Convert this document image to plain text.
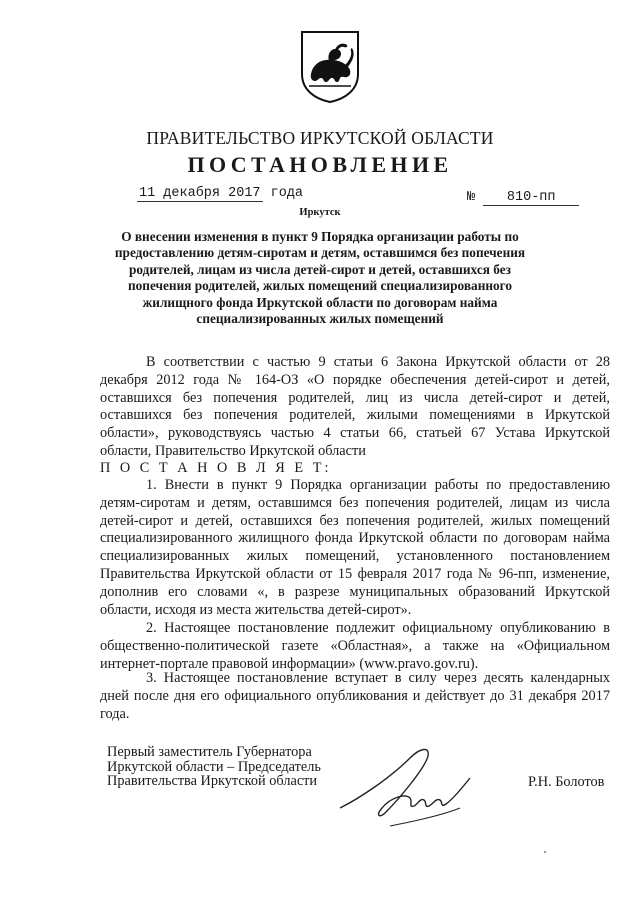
ПРАВИТЕЛЬСТВО ИРКУТСКОЙ ОБЛАСТИ
ПОСТАНОВЛЕНИЕ
11 декабря 2017 года	№ 810-пп
Иркутск
О внесении изменения в пункт 9 Порядка организации работы по предоставлению детям-сиротам и детям, оставшимся без попечения родителей, лицам из числа детей-сирот и детей, оставшихся без попечения родителей, жилых помещений специализированного жилищного фонда Иркутской области по договорам найма специализированных жилых помещений
В соответствии с частью 9 статьи 6 Закона Иркутской области от 28 декабря 2012 года № 164-ОЗ «О порядке обеспечения детей-сирот и детей, оставшихся без попечения родителей, лиц из числа детей-сирот и детей, оставшихся без попечения родителей, жилыми помещениями в Иркутской области», руководствуясь частью 4 статьи 66, статьей 67 Устава Иркутской области, Правительство Иркутской области
П О С Т А Н О В Л Я Е Т:
1. Внести в пункт 9 Порядка организации работы по предоставлению детям-сиротам и детям, оставшимся без попечения родителей, лицам из числа детей-сирот и детей, оставшихся без попечения родителей, жилых помещений специализированного жилищного фонда Иркутской области по договорам найма специализированных жилых помещений, установленного постановлением Правительства Иркутской области от 15 февраля 2017 года № 96-пп, изменение, дополнив его словами «, в разрезе муниципальных образований Иркутской области, исходя из места жительства детей-сирот».
2. Настоящее постановление подлежит официальному опубликованию в общественно-политической газете «Областная», а также на «Официальном интернет-портале правовой информации» (www.pravo.gov.ru).
3. Настоящее постановление вступает в силу через десять календарных дней после дня его официального опубликования и действует до 31 декабря 2017 года.
Первый заместитель Губернатора
Иркутской области – Председатель
Правительства Иркутской области	Р.Н. Болотов
